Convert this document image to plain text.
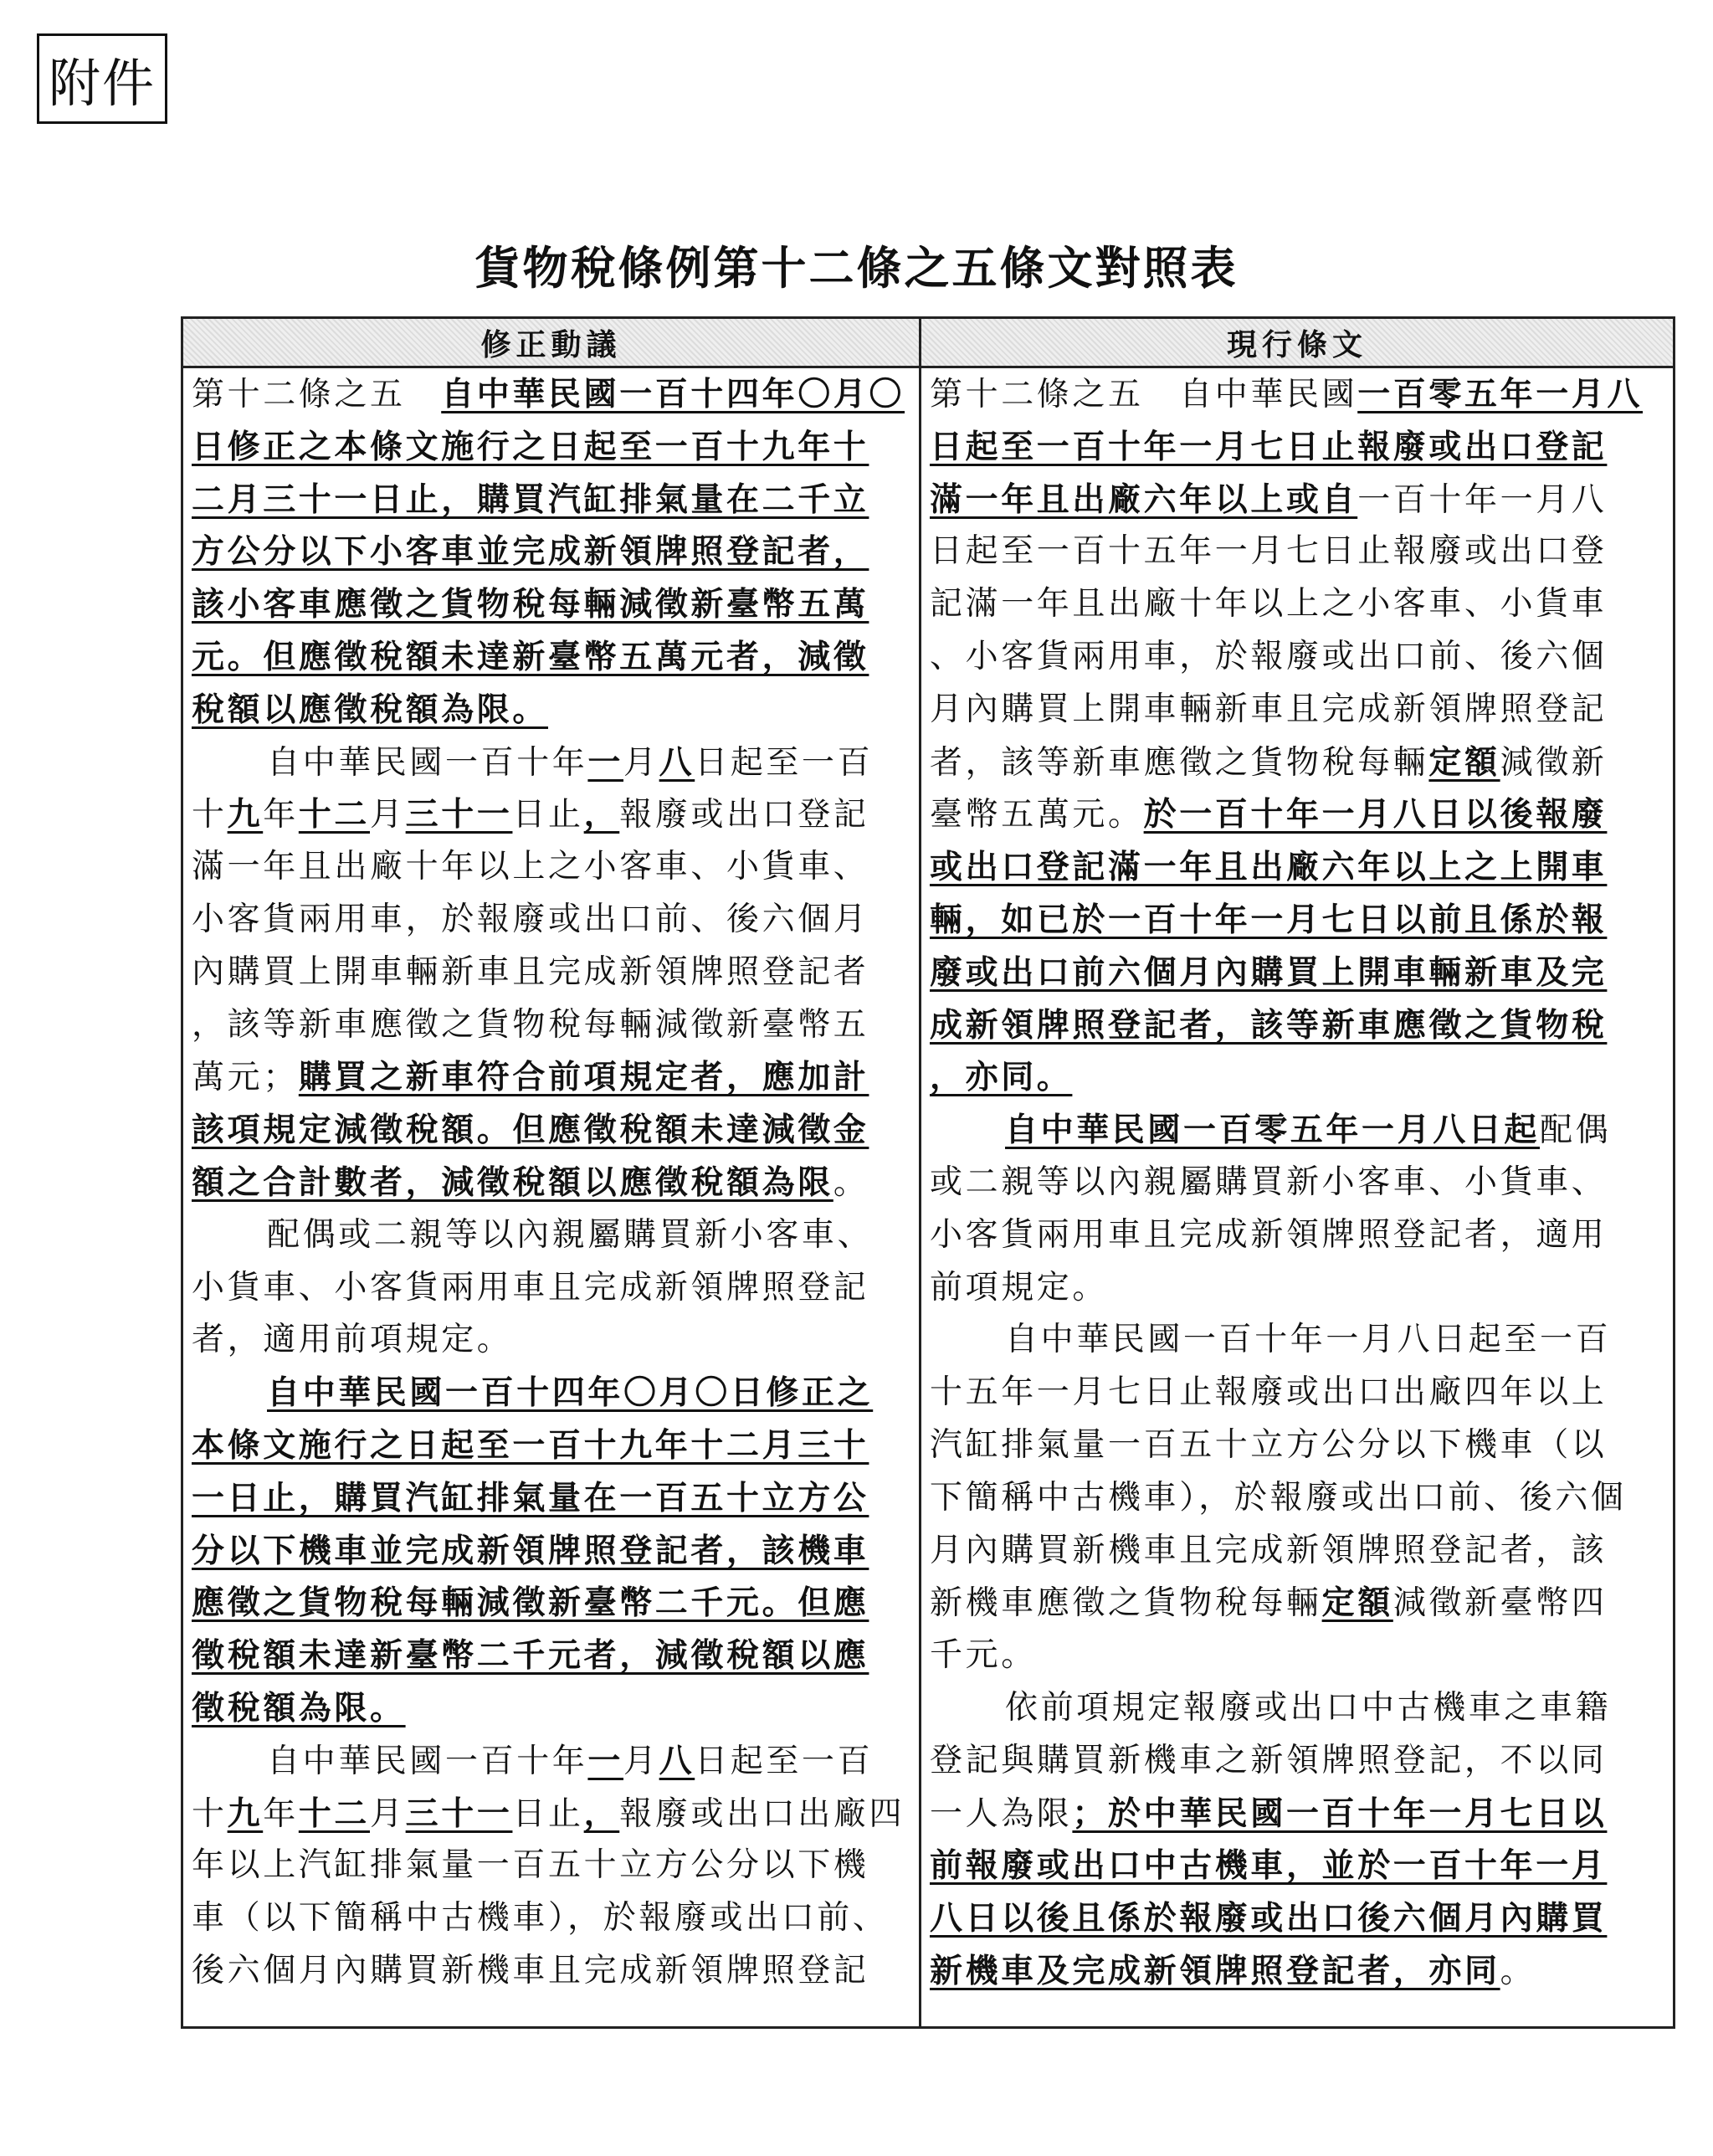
附件
貨物稅條例第十二條之五條文對照表
修正動議
第十二條之五　自中華民國一百十四年〇月〇
日修正之本條文施行之日起至一百十九年十
二月三十一日止，購買汽缸排氣量在二千立
方公分以下小客車並完成新領牌照登記者，
該小客車應徵之貨物稅每輛減徵新臺幣五萬
元。但應徵稅額未達新臺幣五萬元者，減徵
稅額以應徵稅額為限。
自中華民國一百十年一月八日起至一百
十九年十二月三十一日止，報廢或出口登記
滿一年且出廠十年以上之小客車、小貨車、
小客貨兩用車，於報廢或出口前、後六個月
內購買上開車輛新車且完成新領牌照登記者
，該等新車應徵之貨物稅每輛減徵新臺幣五
萬元；購買之新車符合前項規定者，應加計
該項規定減徵稅額。但應徵稅額未達減徵金
額之合計數者，減徵稅額以應徵稅額為限。
配偶或二親等以內親屬購買新小客車、
小貨車、小客貨兩用車且完成新領牌照登記
者，適用前項規定。
自中華民國一百十四年〇月〇日修正之
本條文施行之日起至一百十九年十二月三十
一日止，購買汽缸排氣量在一百五十立方公
分以下機車並完成新領牌照登記者，該機車
應徵之貨物稅每輛減徵新臺幣二千元。但應
徵稅額未達新臺幣二千元者，減徵稅額以應
徵稅額為限。
自中華民國一百十年一月八日起至一百
十九年十二月三十一日止，報廢或出口出廠四
年以上汽缸排氣量一百五十立方公分以下機
車（以下簡稱中古機車），於報廢或出口前、
後六個月內購買新機車且完成新領牌照登記
現行條文
第十二條之五　自中華民國一百零五年一月八
日起至一百十年一月七日止報廢或出口登記
滿一年且出廠六年以上或自一百十年一月八
日起至一百十五年一月七日止報廢或出口登
記滿一年且出廠十年以上之小客車、小貨車
、小客貨兩用車，於報廢或出口前、後六個
月內購買上開車輛新車且完成新領牌照登記
者，該等新車應徵之貨物稅每輛定額減徵新
臺幣五萬元。於一百十年一月八日以後報廢
或出口登記滿一年且出廠六年以上之上開車
輛，如已於一百十年一月七日以前且係於報
廢或出口前六個月內購買上開車輛新車及完
成新領牌照登記者，該等新車應徵之貨物稅
，亦同。
自中華民國一百零五年一月八日起配偶
或二親等以內親屬購買新小客車、小貨車、
小客貨兩用車且完成新領牌照登記者，適用
前項規定。
自中華民國一百十年一月八日起至一百
十五年一月七日止報廢或出口出廠四年以上
汽缸排氣量一百五十立方公分以下機車（以
下簡稱中古機車），於報廢或出口前、後六個
月內購買新機車且完成新領牌照登記者，該
新機車應徵之貨物稅每輛定額減徵新臺幣四
千元。
依前項規定報廢或出口中古機車之車籍
登記與購買新機車之新領牌照登記，不以同
一人為限；於中華民國一百十年一月七日以
前報廢或出口中古機車，並於一百十年一月
八日以後且係於報廢或出口後六個月內購買
新機車及完成新領牌照登記者，亦同。
